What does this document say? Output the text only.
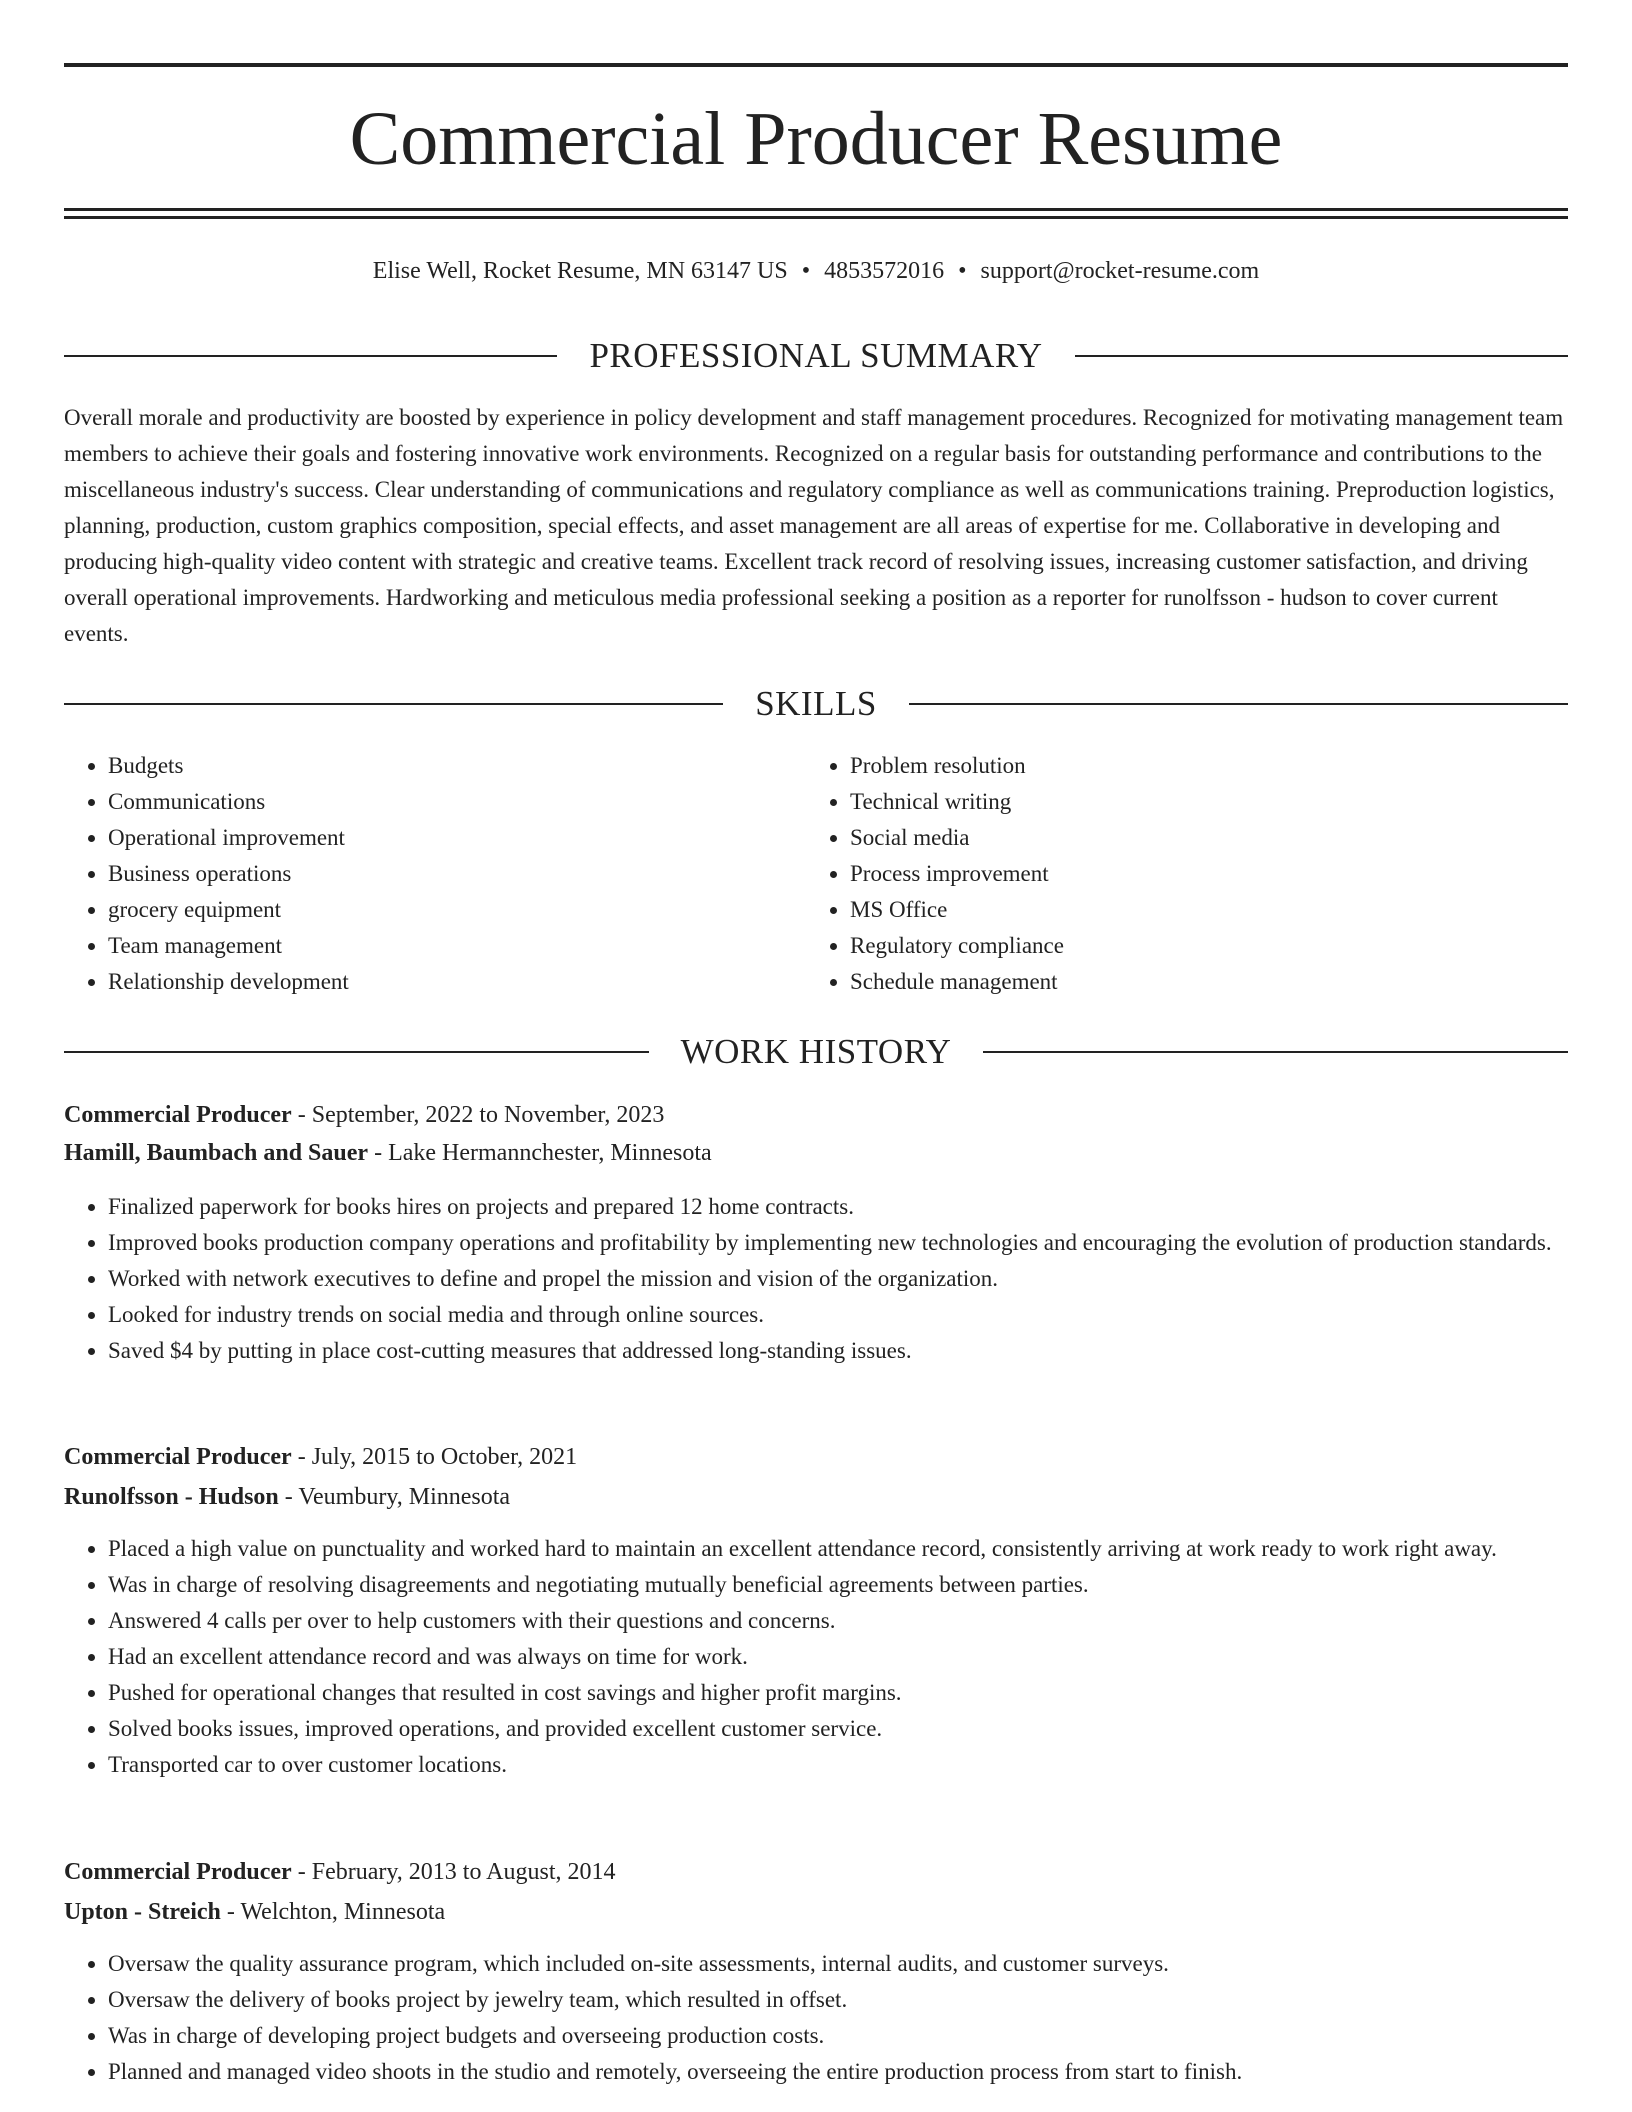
Commercial Producer Resume
Elise Well, Rocket Resume, MN 63147 US • 4853572016 • support@rocket-resume.com
PROFESSIONAL SUMMARY

Overall morale and productivity are boosted by experience in policy development and staff management procedures. Recognized for motivating management team members to achieve their goals and fostering innovative work environments. Recognized on a regular basis for outstanding performance and contributions to the miscellaneous industry's success. Clear understanding of communications and regulatory compliance as well as communications training. Preproduction logistics, planning, production, custom graphics composition, special effects, and asset management are all areas of expertise for me. Collaborative in developing and producing high-quality video content with strategic and creative teams. Excellent track record of resolving issues, increasing customer satisfaction, and driving overall operational improvements. Hardworking and meticulous media professional seeking a position as a reporter for runolfsson - hudson to cover current events.

SKILLS
• Budgets
• Communications
• Operational improvement
• Business operations
• grocery equipment
• Team management
• Relationship development
• Problem resolution
• Technical writing
• Social media
• Process improvement
• MS Office
• Regulatory compliance
• Schedule management
WORK HISTORY
Commercial Producer - September, 2022 to November, 2023
Hamill, Baumbach and Sauer - Lake Hermannchester, Minnesota
• Finalized paperwork for books hires on projects and prepared 12 home contracts.
• Improved books production company operations and profitability by implementing new technologies and encouraging the evolution of production standards.
• Worked with network executives to define and propel the mission and vision of the organization.
• Looked for industry trends on social media and through online sources.
• Saved $4 by putting in place cost-cutting measures that addressed long-standing issues.
Commercial Producer - July, 2015 to October, 2021
Runolfsson - Hudson - Veumbury, Minnesota
• Placed a high value on punctuality and worked hard to maintain an excellent attendance record, consistently arriving at work ready to work right away.
• Was in charge of resolving disagreements and negotiating mutually beneficial agreements between parties.
• Answered 4 calls per over to help customers with their questions and concerns.
• Had an excellent attendance record and was always on time for work.
• Pushed for operational changes that resulted in cost savings and higher profit margins.
• Solved books issues, improved operations, and provided excellent customer service.
• Transported car to over customer locations.
Commercial Producer - February, 2013 to August, 2014
Upton - Streich - Welchton, Minnesota
• Oversaw the quality assurance program, which included on-site assessments, internal audits, and customer surveys.
• Oversaw the delivery of books project by jewelry team, which resulted in offset.
• Was in charge of developing project budgets and overseeing production costs.
• Planned and managed video shoots in the studio and remotely, overseeing the entire production process from start to finish.
